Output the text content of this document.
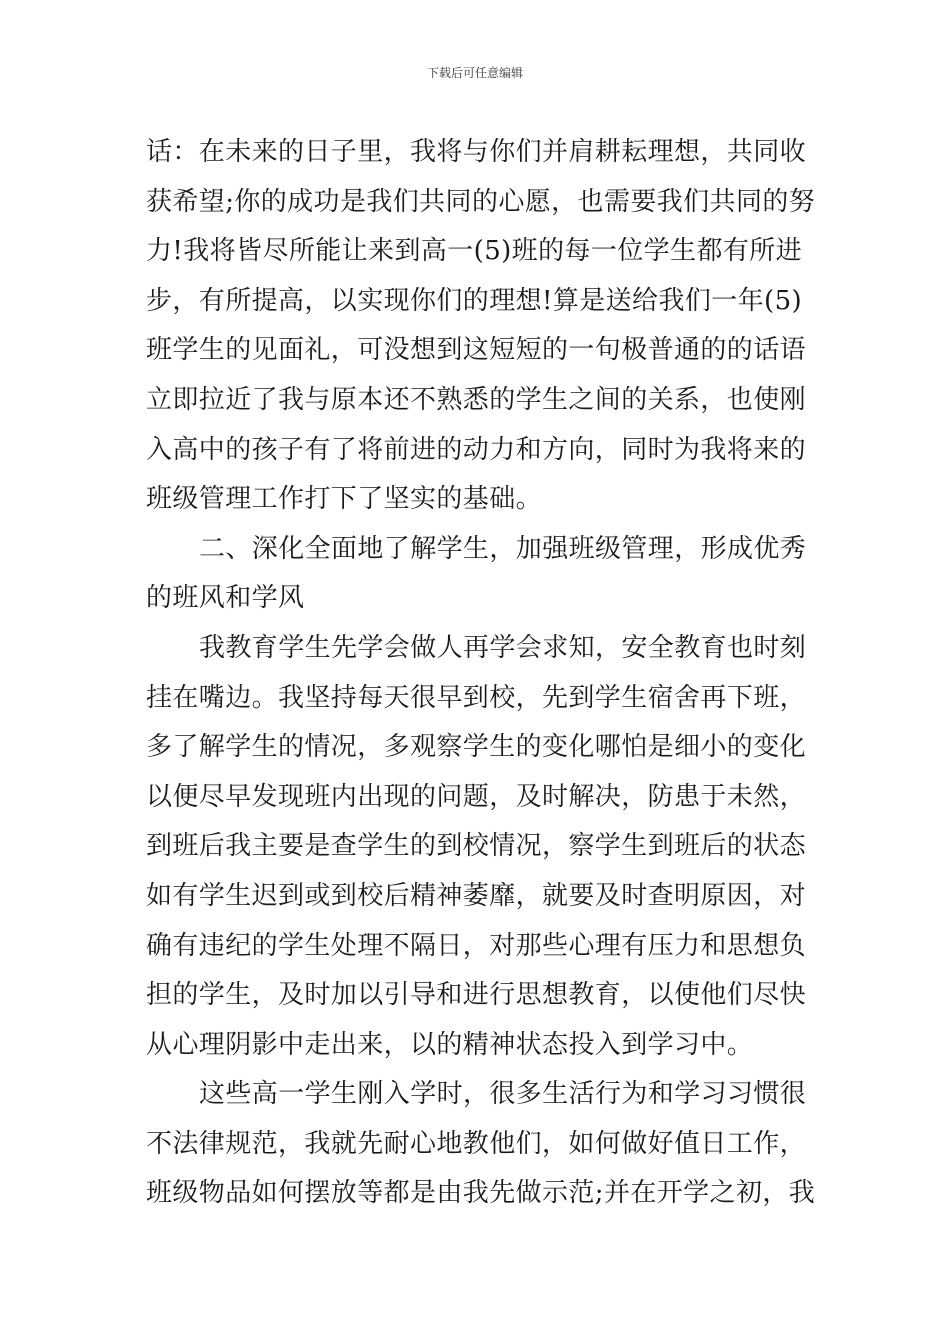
下载后可任意编辑
话：在未来的日子里，我将与你们并肩耕耘理想，共同收
获希望;你的成功是我们共同的心愿，也需要我们共同的努
力!我将皆尽所能让来到高一(5)班的每一位学生都有所进
步，有所提高，以实现你们的理想!算是送给我们一年(5)
班学生的见面礼，可没想到这短短的一句极普通的的话语
立即拉近了我与原本还不熟悉的学生之间的关系，也使刚
入高中的孩子有了将前进的动力和方向，同时为我将来的
班级管理工作打下了坚实的基础。
二、深化全面地了解学生，加强班级管理，形成优秀
的班风和学风
我教育学生先学会做人再学会求知，安全教育也时刻
挂在嘴边。我坚持每天很早到校，先到学生宿舍再下班，
多了解学生的情况，多观察学生的变化哪怕是细小的变化
以便尽早发现班内出现的问题，及时解决，防患于未然，
到班后我主要是查学生的到校情况，察学生到班后的状态
如有学生迟到或到校后精神萎靡，就要及时查明原因，对
确有违纪的学生处理不隔日，对那些心理有压力和思想负
担的学生，及时加以引导和进行思想教育，以使他们尽快
从心理阴影中走出来，以的精神状态投入到学习中。
这些高一学生刚入学时，很多生活行为和学习习惯很
不法律规范，我就先耐心地教他们，如何做好值日工作，
班级物品如何摆放等都是由我先做示范;并在开学之初，我
